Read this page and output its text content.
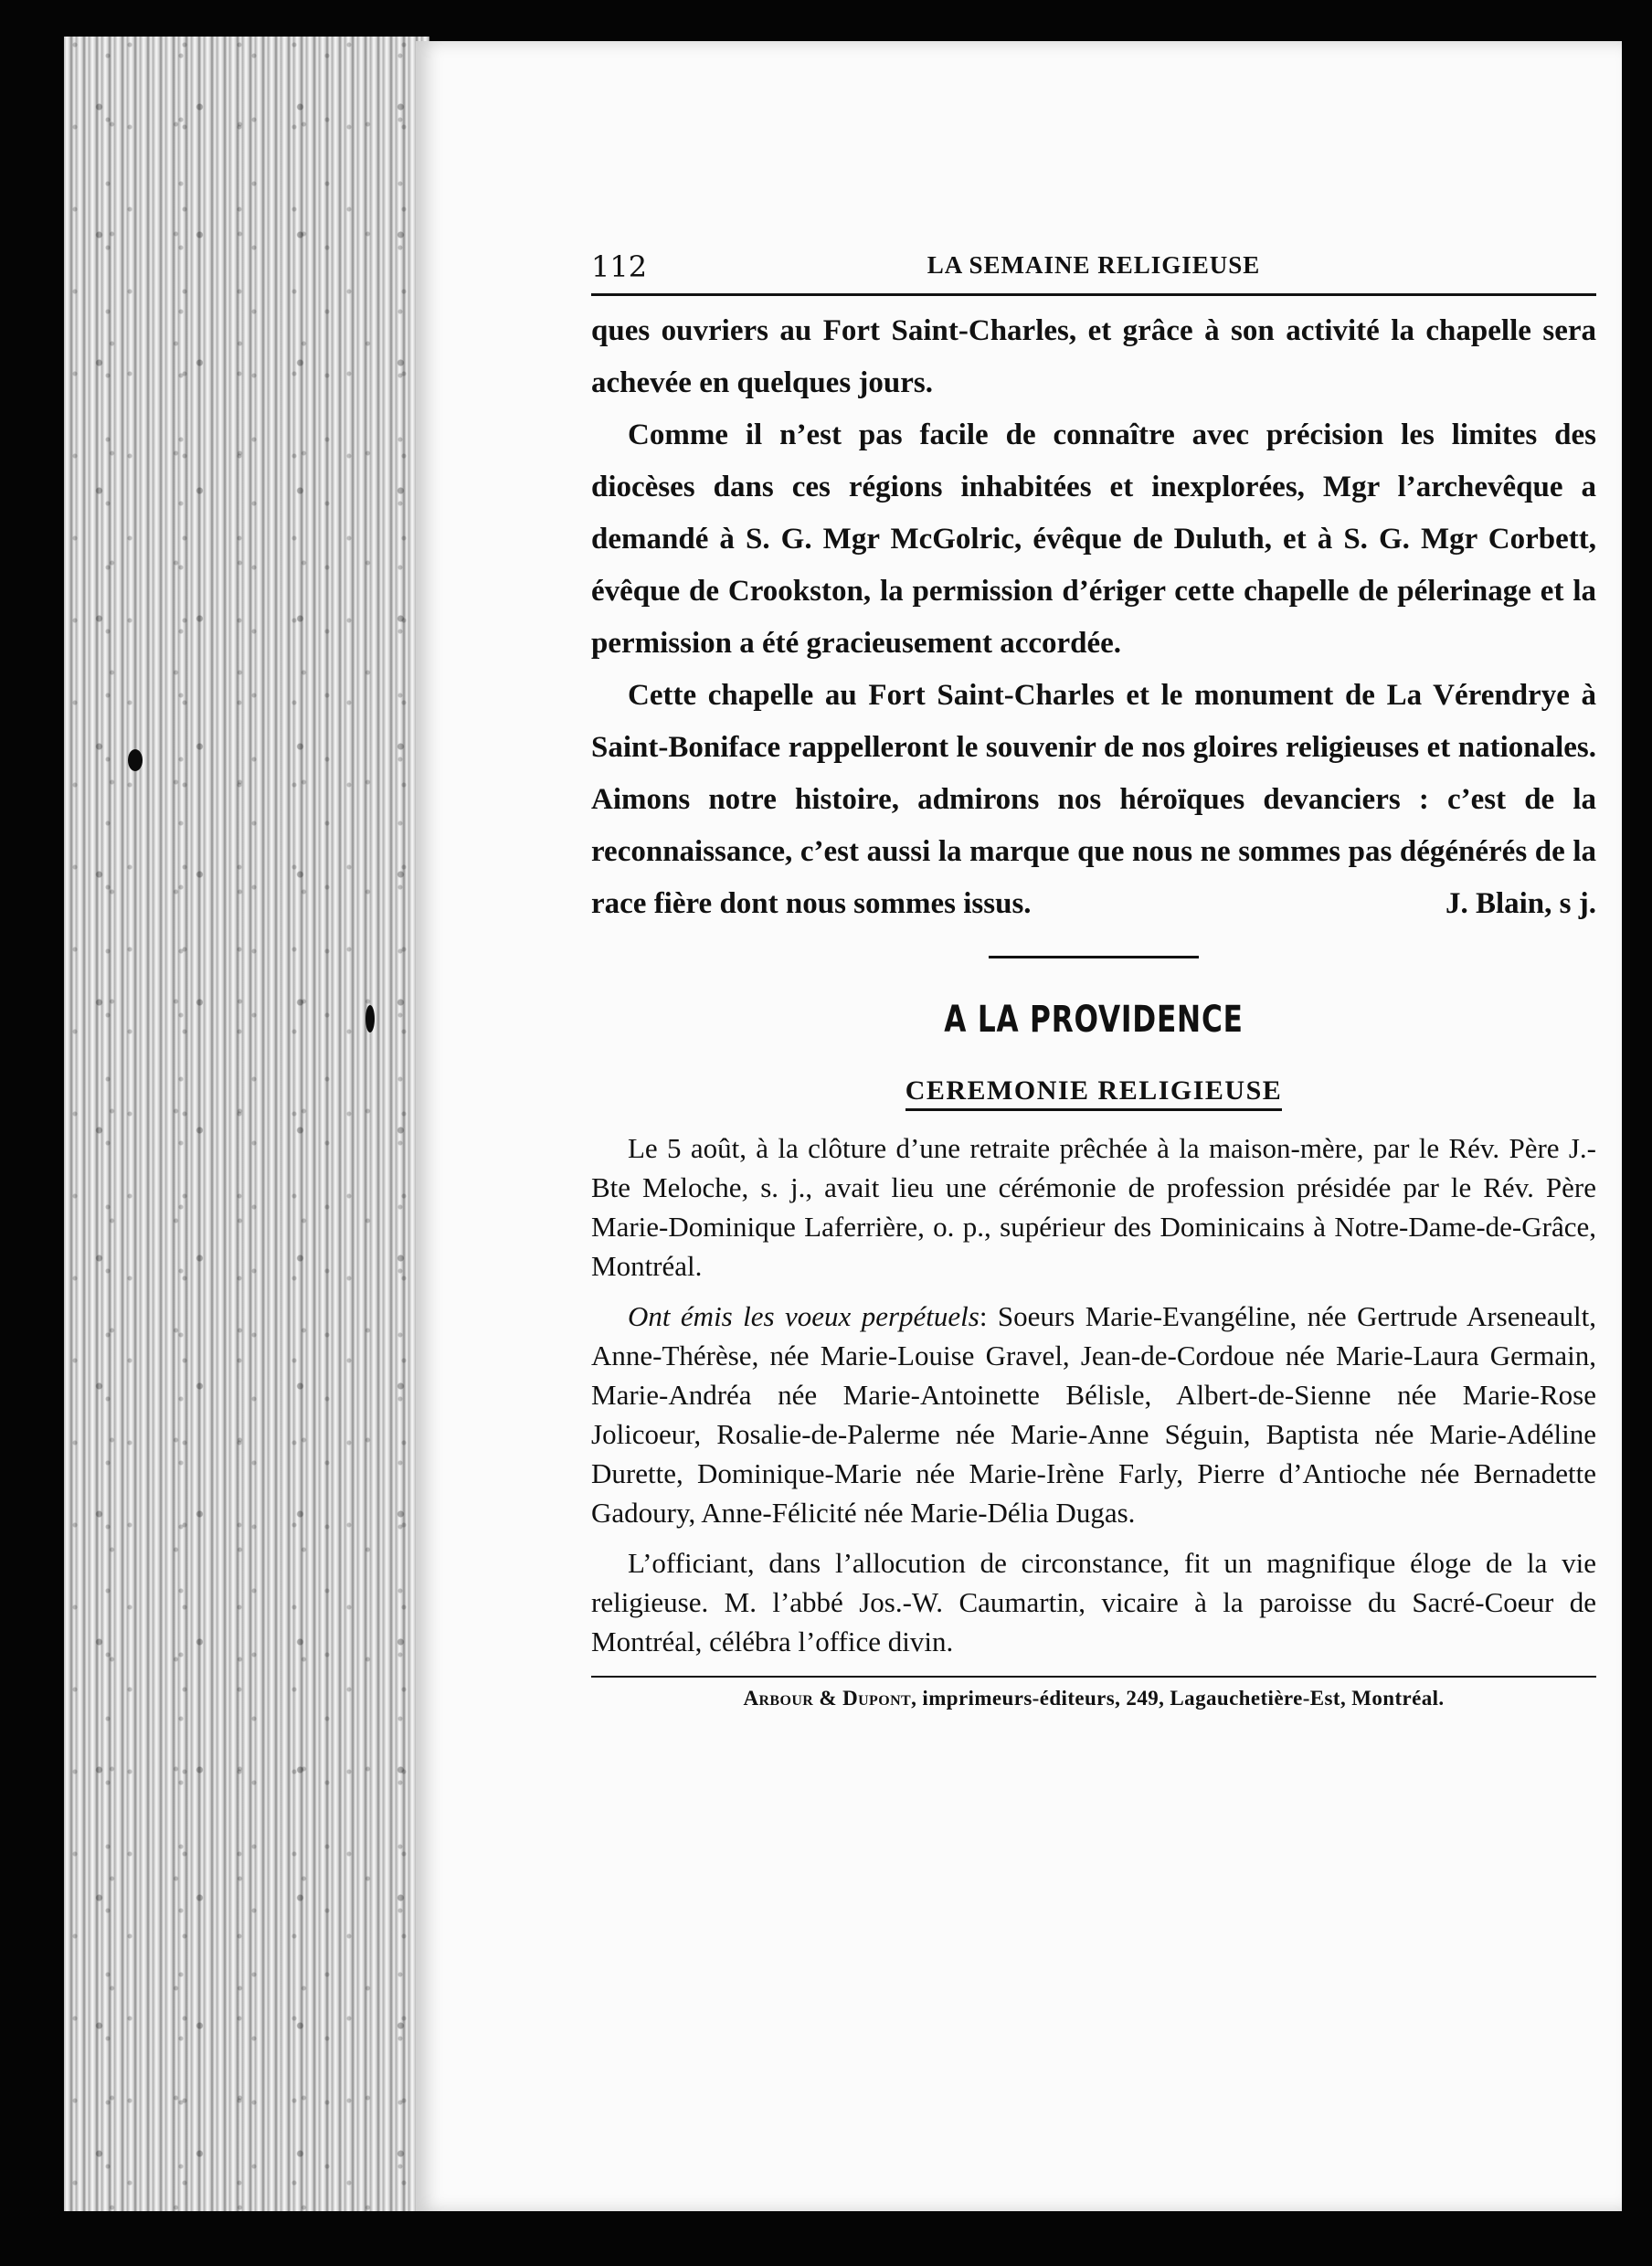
112	LA SEMAINE RELIGIEUSE

ques ouvriers au Fort Saint-Charles, et grâce à son activité la chapelle sera achevée en quelques jours.

Comme il n’est pas facile de connaître avec précision les limites des diocèses dans ces régions inhabitées et inexplorées, Mgr l’archevêque a demandé à S. G. Mgr McGolric, évêque de Duluth, et à S. G. Mgr Corbett, évêque de Crookston, la permission d’ériger cette chapelle de pélerinage et la permission a été gracieusement accordée.

Cette chapelle au Fort Saint-Charles et le monument de La Vérendrye à Saint-Boniface rappelleront le souvenir de nos gloires religieuses et nationales. Aimons notre histoire, admirons nos héroïques devanciers : c’est de la reconnaissance, c’est aussi la marque que nous ne sommes pas dégénérés de la race fière dont nous sommes issus.	J. Blain, s j.
A LA PROVIDENCE
CEREMONIE RELIGIEUSE

Le 5 août, à la clôture d’une retraite prêchée à la maison-mère, par le Rév. Père J.-Bte Meloche, s. j., avait lieu une cérémonie de profession présidée par le Rév. Père Marie-Dominique Laferrière, o. p., supérieur des Dominicains à Notre-Dame-de-Grâce, Montréal.

Ont émis les voeux perpétuels: Soeurs Marie-Evangéline, née Gertrude Arseneault, Anne-Thérèse, née Marie-Louise Gravel, Jean-de-Cordoue née Marie-Laura Germain, Marie-Andréa née Marie-Antoinette Bélisle, Albert-de-Sienne née Marie-Rose Jolicoeur, Rosalie-de-Palerme née Marie-Anne Séguin, Baptista née Marie-Adéline Durette, Dominique-Marie née Marie-Irène Farly, Pierre d’Antioche née Bernadette Gadoury, Anne-Félicité née Marie-Délia Dugas.

L’officiant, dans l’allocution de circonstance, fit un magnifique éloge de la vie religieuse. M. l’abbé Jos.-W. Caumartin, vicaire à la paroisse du Sacré-Coeur de Montréal, célébra l’office divin.

Arbour & Dupont, imprimeurs-éditeurs, 249, Lagauchetière-Est, Montréal.
